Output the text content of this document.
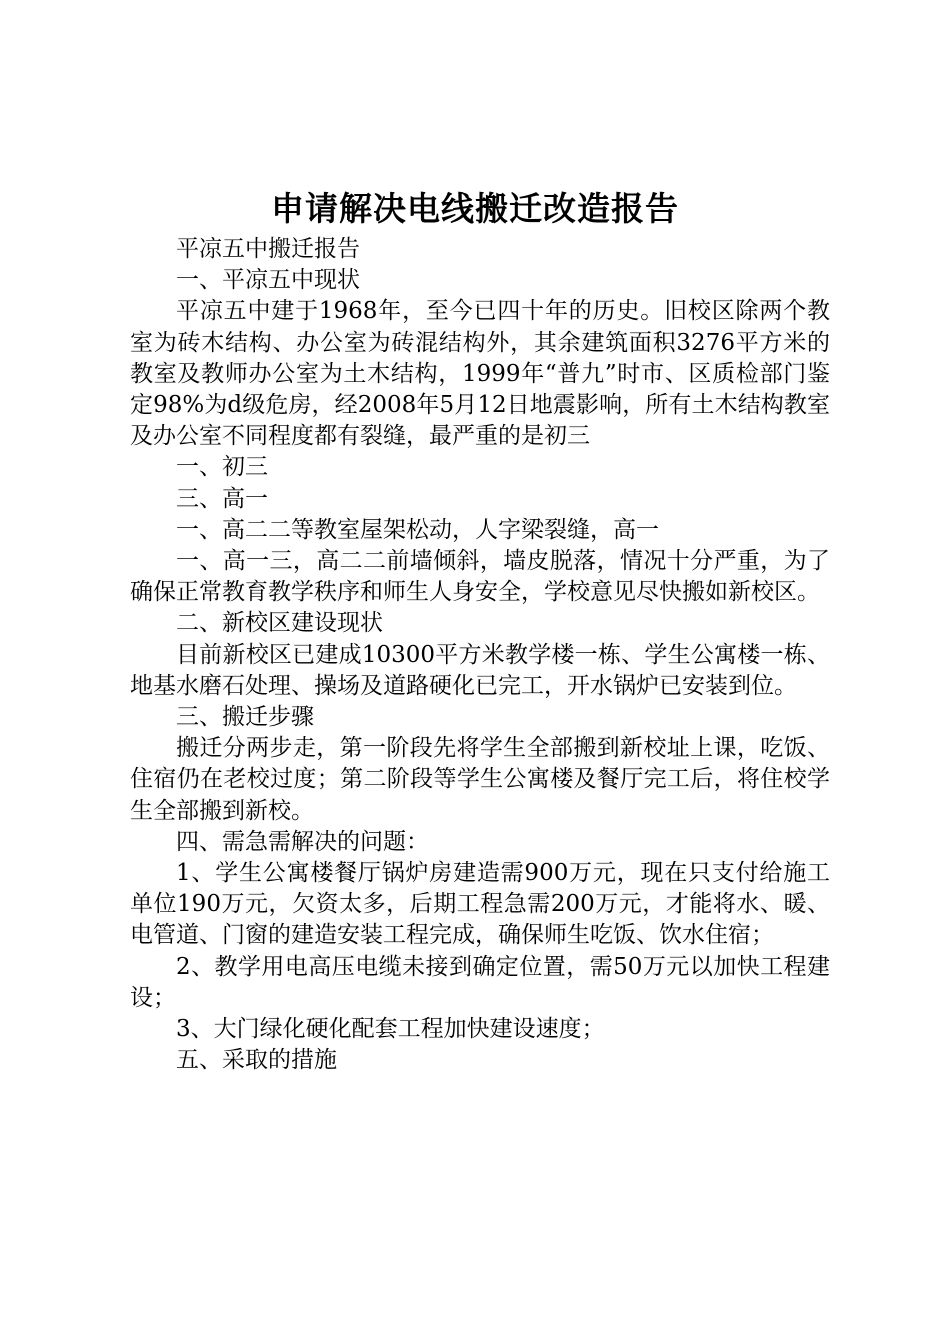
申请解决电线搬迁改造报告

平凉五中搬迁报告

一、平凉五中现状

平凉五中建于1968年，至今已四十年的历史。旧校区除两个教室为砖木结构、办公室为砖混结构外，其余建筑面积3276平方米的教室及教师办公室为土木结构，1999年“普九”时市、区质检部门鉴定98%为d级危房，经2008年5月12日地震影响，所有土木结构教室及办公室不同程度都有裂缝，最严重的是初三

一、初三

三、高一

一、高二二等教室屋架松动，人字梁裂缝，高一

一、高一三，高二二前墙倾斜，墙皮脱落，情况十分严重，为了确保正常教育教学秩序和师生人身安全，学校意见尽快搬如新校区。

二、新校区建设现状

目前新校区已建成10300平方米教学楼一栋、学生公寓楼一栋、地基水磨石处理、操场及道路硬化已完工，开水锅炉已安装到位。

三、搬迁步骤

搬迁分两步走，第一阶段先将学生全部搬到新校址上课，吃饭、住宿仍在老校过度；第二阶段等学生公寓楼及餐厅完工后，将住校学生全部搬到新校。

四、需急需解决的问题：

1、学生公寓楼餐厅锅炉房建造需900万元，现在只支付给施工单位190万元，欠资太多，后期工程急需200万元，才能将水、暖、电管道、门窗的建造安装工程完成，确保师生吃饭、饮水住宿；

2、教学用电高压电缆未接到确定位置，需50万元以加快工程建设；

3、大门绿化硬化配套工程加快建设速度；

五、采取的措施
